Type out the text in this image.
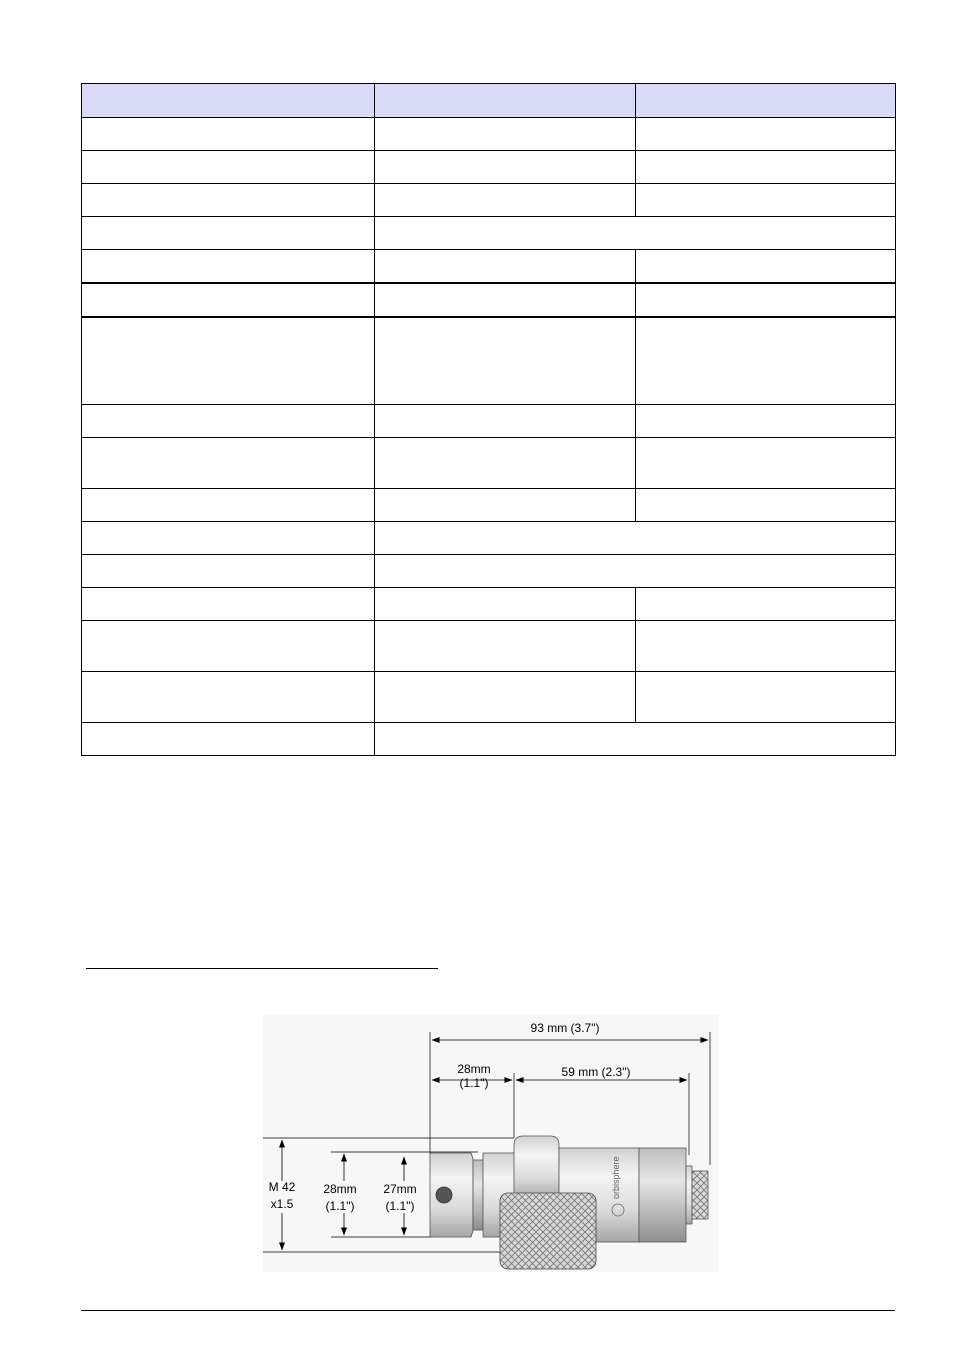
93 mm (3.7")
28mm
(1.1")
59 mm (2.3")
M 42
x1.5
28mm
(1.1")
27mm
(1.1")
orbisphere
